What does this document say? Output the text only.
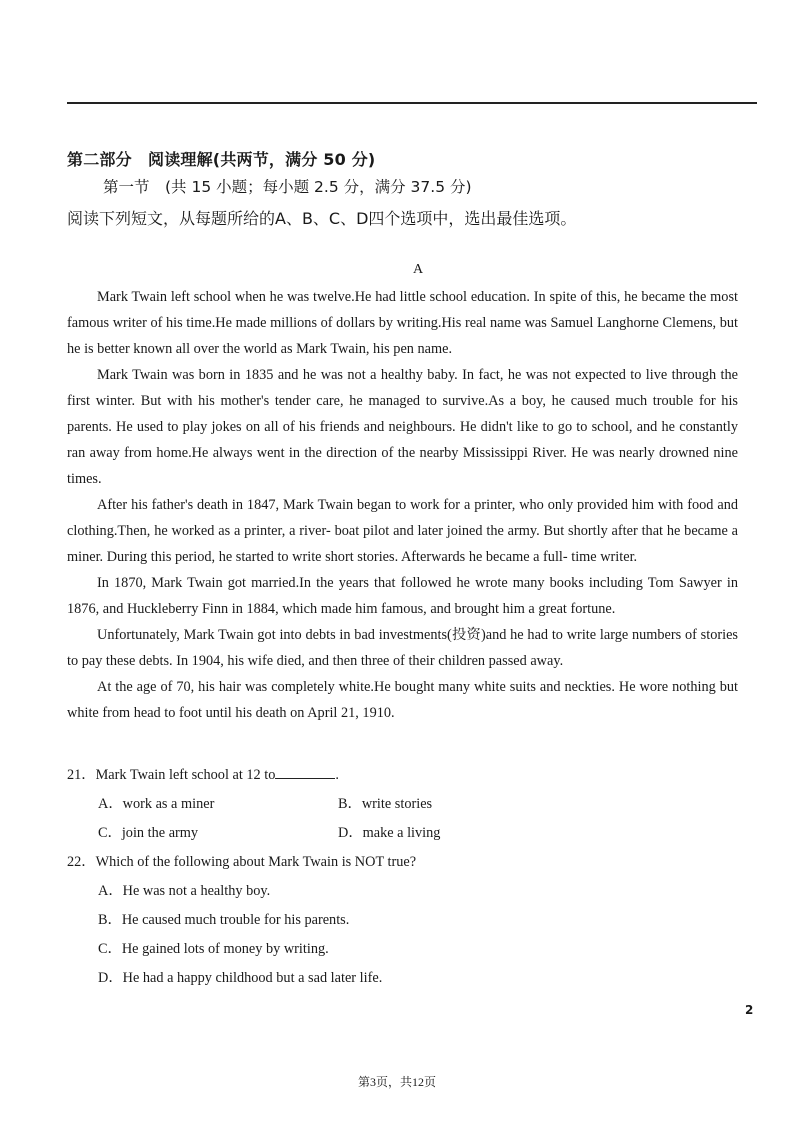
第二部分　阅读理解(共两节，满分 50 分)
第一节　(共 15 小题；每小题 2.5 分，满分 37.5 分)
阅读下列短文，从每题所给的A、B、C、D四个选项中，选出最佳选项。
A

Mark Twain left school when he was twelve.He had little school education. In spite of this, he became the most famous writer of his time.He made millions of dollars by writing.His real name was Samuel Langhorne Clemens, but he is better known all over the world as Mark Twain, his pen name.

Mark Twain was born in 1835 and he was not a healthy baby. In fact, he was not expected to live through the first winter. But with his mother's tender care, he managed to survive.As a boy, he caused much trouble for his parents. He used to play jokes on all of his friends and neighbours. He didn't like to go to school, and he constantly ran away from home.He always went in the direction of the nearby Mississippi River. He was nearly drowned nine times.

After his father's death in 1847, Mark Twain began to work for a printer, who only provided him with food and clothing.Then, he worked as a printer, a river- boat pilot and later joined the army. But shortly after that he became a miner. During this period, he started to write short stories. Afterwards he became a full- time writer.

In 1870, Mark Twain got married.In the years that followed he wrote many books including Tom Sawyer in 1876, and Huckleberry Finn in 1884, which made him famous, and brought him a great fortune.

Unfortunately, Mark Twain got into debts in bad investments(投资)and he had to write large numbers of stories to pay these debts. In 1904, his wife died, and then three of their children passed away.

At the age of 70, his hair was completely white.He bought many white suits and neckties. He wore nothing but white from head to foot until his death on April 21, 1910.

21．Mark Twain left school at 12 to	.
A．work as a miner	B．write stories
C．join the army	D．make a living
22．Which of the following about Mark Twain is NOT true?
A．He was not a healthy boy.
B．He caused much trouble for his parents.
C．He gained lots of money by writing.
D．He had a happy childhood but a sad later life.
2
第3页，共12页
